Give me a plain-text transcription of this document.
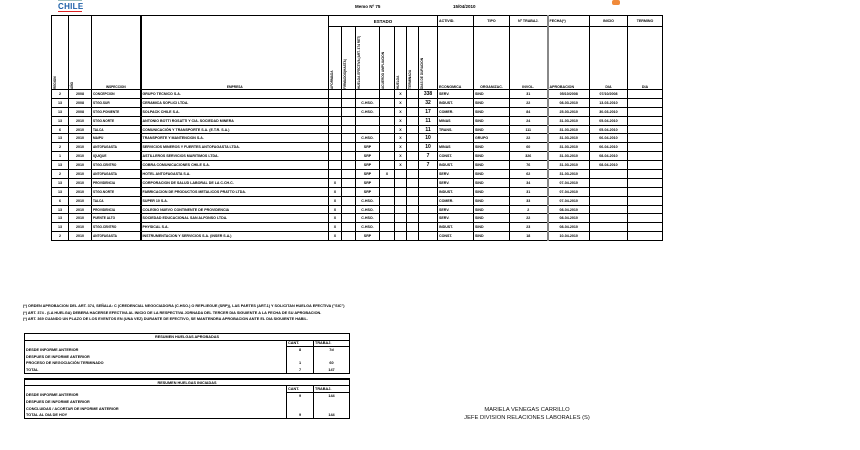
CHILE	Memo Nº 75	15/04/2010
REGION	AÑO	INSPECCION	EMPRESA	ESTADO							ACTIVID.	TIPO	Nº TRABAJ.	FECHA(*)	INICIO	TERMINO

				AFORMADA	FIRMADOS(HASTA)	HUELGA EFECTIVA (ART. 374 RET)	ACUERDO AMPLIACION	HUELGA	TERMINADA	DIAS DE DURACION	ECONOMICA	ORGANIZAC.	INVOL.	APROBACION	DIA	DIA
2	2008	CONCEPCION	GRUPO TECNICO S.A.					X		338	SERV.	SIND	31	05/10/2008	07/10/2008	
13	2008	STGO.SUR	CERAMICA SOPLICI LTDA.			C.HSO.		X		32	INDUST.	SIND	22	08-03-2010	13-03-2010	
13	2008	STGO.PONIENTE	SOLPACK CHILE S.A.			C.HSO.		X		17	COMER.	SIND	84	25-03-2010	30-03-2010	
13	2010	STGO.NORTE	ANTONIO BOTTI ROSATTI Y CIA. SOCIEDAD MINERA					X		11	MINAS	SIND	24	31-03-2010	05-04-2010	
6	2010	TALCA	COMUNICACIÓN Y TRANSPORTE S.A. (E.T.R. S.A.)					X		11	TRANS.	SIND	111	31-03-2010	05-04-2010	
13	2010	MAIPU	TRANSPORTE Y MANTENCION S.A.			C.HSO.		X		10		GRUPO	22	31-03-2010	06-04-2010	
2	2010	ANTOFAGASTA	SERVICIOS MINEROS Y FUERTES ANTOFAGASTA LTDA.			SRP		X		10	MINAS	SIND	60	31-03-2010	06-04-2010	
1	2010	IQUIQUE	ASTILLEROS SERVICIOS MARITIMOS LTDA.			SRP		X		7	CONST.	SIND	326	31-03-2010	08-04-2010	
13	2010	STGO.CENTRO	COBRA COMUNICACIONES CHILE S.A.			SRP		X		7	INDUST.	SIND	76	31-03-2010	08-04-2010	
2	2010	ANTOFAGASTA	HOTEL ANTOFAGASTA S.A.			SRP	X				SERV.	SIND	62	31-03-2010		
13	2010	PROVIDENCIA	CORPORACION DE SALUD LABORAL DE LA C.CH.C.	X		SRP					SERV.	SIND	34	07-04-2010		
13	2010	STGO.NORTE	FABRICACION DE PRODUCTOS METALICOS PRATTO LTDA.	X		SRP					INDUST.	SIND	31	07-04-2010		
6	2010	TALCA	SUPER 10 S.A.	X		C.HSO.					COMER.	SIND	33	07-04-2010		
13	2010	PROVIDENCIA	COLEGIO NUEVO CONTINENTE DE PROVIDENCIA	X		C.HSO.					SERV.	SIND	2	08-04-2010		
13	2010	PUENTE ALTO	SOCIEDAD EDUCACIONAL SAN ALFONSO LTDA.	X		C.HSO.					SERV.	SIND	22	08-04-2010		
13	2010	STGO.CENTRO	PHYSICAL S.A.	X		C.HSO.					INDUST.	SIND	23	08-04-2010		
2	2010	ANTOFAGASTA	INSTRUMENTACION Y SERVICIOS S.A. (INSER S.A.)	X		SRP					CONST.	SIND	18	10-04-2010		
(*) ORDEN APROBACION DEL ART. 374, SEÑALA: C (CREDENCIAL NEGOCIADORA (C.HSO.) O REPLIEGUE (SRP)), LAS PARTES (ART.1) Y SOLICITAN HUELGA EFECTIVA ("SIC")
(*) ART. 374 - (LA HUELGA) DEBERA HACERSE EFECTIVA AL INICIO DE LA RESPECTIVA JORNADA DEL TERCER DIA SIGUIENTE A LA FECHA DE SU APROBACION.
(*) ART. 369 CUANDO UN PLAZO DE LOS EVENTOS EN (UNA VEZ) DURANTE DE EFECTIVO, SE MANTENDRA APROBACION ANTE EL DIA SIGUIENTE HABIL.
RESUMEN HUELGAS APROBADAS		
	CANT.	TRABAJ.
DESDE INFORME ANTERIOR	8	7d
DESPUES DE INFORME ANTERIOR		
PROCESO DE NEGOCIACIÓN TERMINADO	1	60
TOTAL	7	147
RESUMEN HUELGAS INICIADAS		
	CANT.	TRABAJ.
DESDE INFORME ANTERIOR	9	144
DESPUES DE INFORME ANTERIOR		
CONCLUIDAS / ACORTAR DE INFORME ANTERIOR		
TOTAL AL DIA DE HOY	9	144
MARIELA VENEGAS CARRILLO
JEFE DIVISION RELACIONES LABORALES (S)
